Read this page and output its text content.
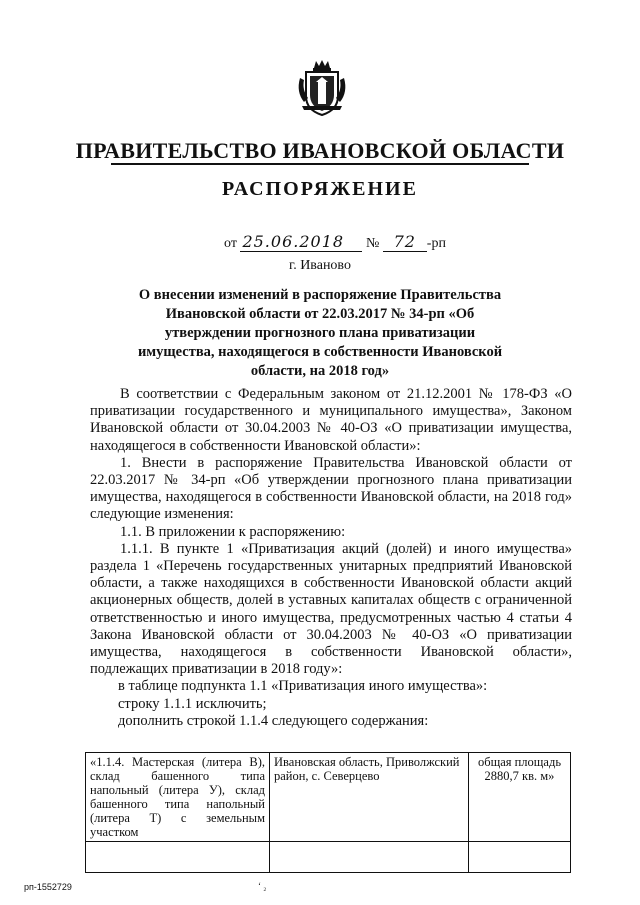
ПРАВИТЕЛЬСТВО ИВАНОВСКОЙ ОБЛАСТИ
РАСПОРЯЖЕНИЕ
от 25.06.2018 № 72 -рп
г. Иваново
О внесении изменений в распоряжение Правительства Ивановской области от 22.03.2017 № 34-рп «Об утверждении прогнозного плана приватизации имущества, находящегося в собственности Ивановской области, на 2018 год»

В соответствии с Федеральным законом от 21.12.2001 № 178-ФЗ «О приватизации государственного и муниципального имущества», Законом Ивановской области от 30.04.2003 № 40-ОЗ «О приватизации имущества, находящегося в собственности Ивановской области»:

1. Внести в распоряжение Правительства Ивановской области от 22.03.2017 № 34-рп «Об утверждении прогнозного плана приватизации имущества, находящегося в собственности Ивановской области, на 2018 год» следующие изменения:

1.1. В приложении к распоряжению:

1.1.1. В пункте 1 «Приватизация акций (долей) и иного имущества» раздела 1 «Перечень государственных унитарных предприятий Ивановской области, а также находящихся в собственности Ивановской области акций акционерных обществ, долей в уставных капиталах обществ с ограниченной ответственностью и иного имущества, предусмотренных частью 4 статьи 4 Закона Ивановской области от 30.04.2003 № 40-ОЗ «О приватизации имущества, находящегося в собственности Ивановской области», подлежащих приватизации в 2018 году»:

в таблице подпункта 1.1 «Приватизация иного имущества»:

строку 1.1.1 исключить;

дополнить строкой 1.1.4 следующего содержания:

«1.1.4. Мастерская (литера В), склад башенного типа напольный (литера У), склад башенного типа напольный (литера Т) с земельным участком	Ивановская область, Приволжский район, с. Северцево	общая площадь 2880,7 кв. м»

рп-1552729	ʻ ₂
